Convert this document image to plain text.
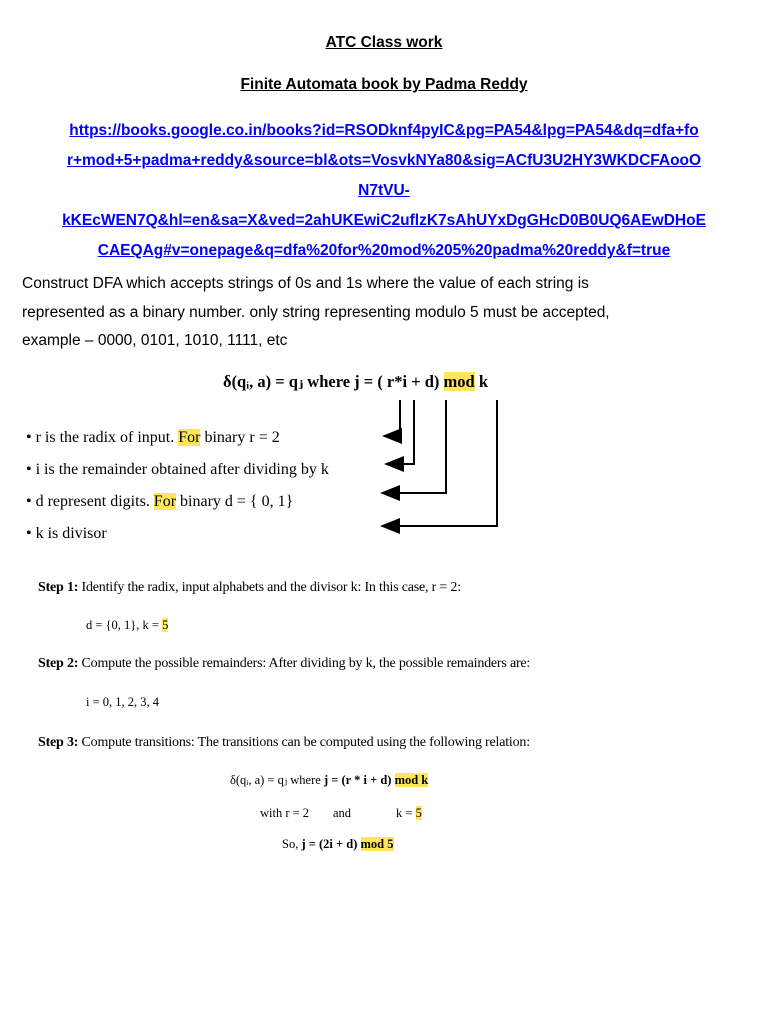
ATC Class work
Finite Automata book by Padma Reddy
https://books.google.co.in/books?id=RSODknf4pyIC&pg=PA54&lpg=PA54&dq=dfa+fo
r+mod+5+padma+reddy&source=bl&ots=VosvkNYa80&sig=ACfU3U2HY3WKDCFAooO
N7tVU-
kKEcWEN7Q&hl=en&sa=X&ved=2ahUKEwiC2uflzK7sAhUYxDgGHcD0B0UQ6AEwDHoE
CAEQAg#v=onepage&q=dfa%20for%20mod%205%20padma%20reddy&f=true
Construct DFA which accepts strings of 0s and 1s where the value of each string is
represented as a binary number. only string representing modulo 5 must be accepted,
example – 0000, 0101, 1010, 1111, etc
δ(qᵢ, a) = qⱼ where j = ( r*i + d) mod k
• r is the radix of input. For binary r = 2
• i is the remainder obtained after dividing by k
• d represent digits. For binary d = { 0, 1}
• k is divisor
Step 1: Identify the radix, input alphabets and the divisor k: In this case, r = 2:
d = {0, 1}, k = 5
Step 2: Compute the possible remainders: After dividing by k, the possible remainders are:
i = 0, 1, 2, 3, 4
Step 3: Compute transitions: The transitions can be computed using the following relation:
δ(qᵢ, a) = qⱼ where j = (r * i + d) mod k
with r = 2 and	k = 5
So, j = (2i + d) mod 5
